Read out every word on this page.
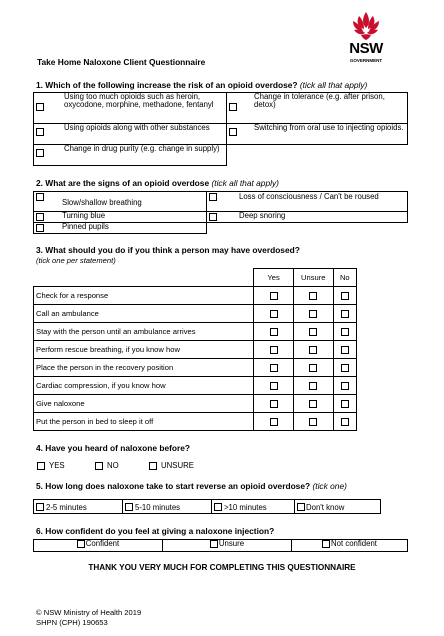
NSW
GOVERNMENT
Take Home Naloxone Client Questionnaire
1. Which of the following increase the risk of an opioid overdose? (tick all that apply)
Using too much opioids such as heroin, oxycodone, morphine, methadone, fentanyl	Change in tolerance (e.g. after prison, detox)

Using opioids along with other substances	Switching from oral use to injecting opioids.

Change in drug purity (e.g. change in supply)	

2. What are the signs of an opioid overdose (tick all that apply)
Slow/shallow breathing	Loss of consciousness / Can't be roused

Turning blue	Deep snoring

Pinned pupils	

3. What should you do if you think a person may have overdosed?
(tick one per statement)
	Yes	Unsure	No
Check for a response			
Call an ambulance			
Stay with the person until an ambulance arrives			
Perform rescue breathing, if you know how			
Place the person in the recovery position			
Cardiac compression, if you know how			
Give naloxone			
Put the person in bed to sleep it off			
4. Have you heard of naloxone before?
YES	NO	UNSURE
5. How long does naloxone take to start reverse an opioid overdose? (tick one)
2-5 minutes	5-10 minutes	>10 minutes	Don't know
6. How confident do you feel at giving a naloxone injection?
Confident	Unsure	Not confident
THANK YOU VERY MUCH FOR COMPLETING THIS QUESTIONNAIRE
© NSW Ministry of Health 2019
SHPN (CPH) 190653
